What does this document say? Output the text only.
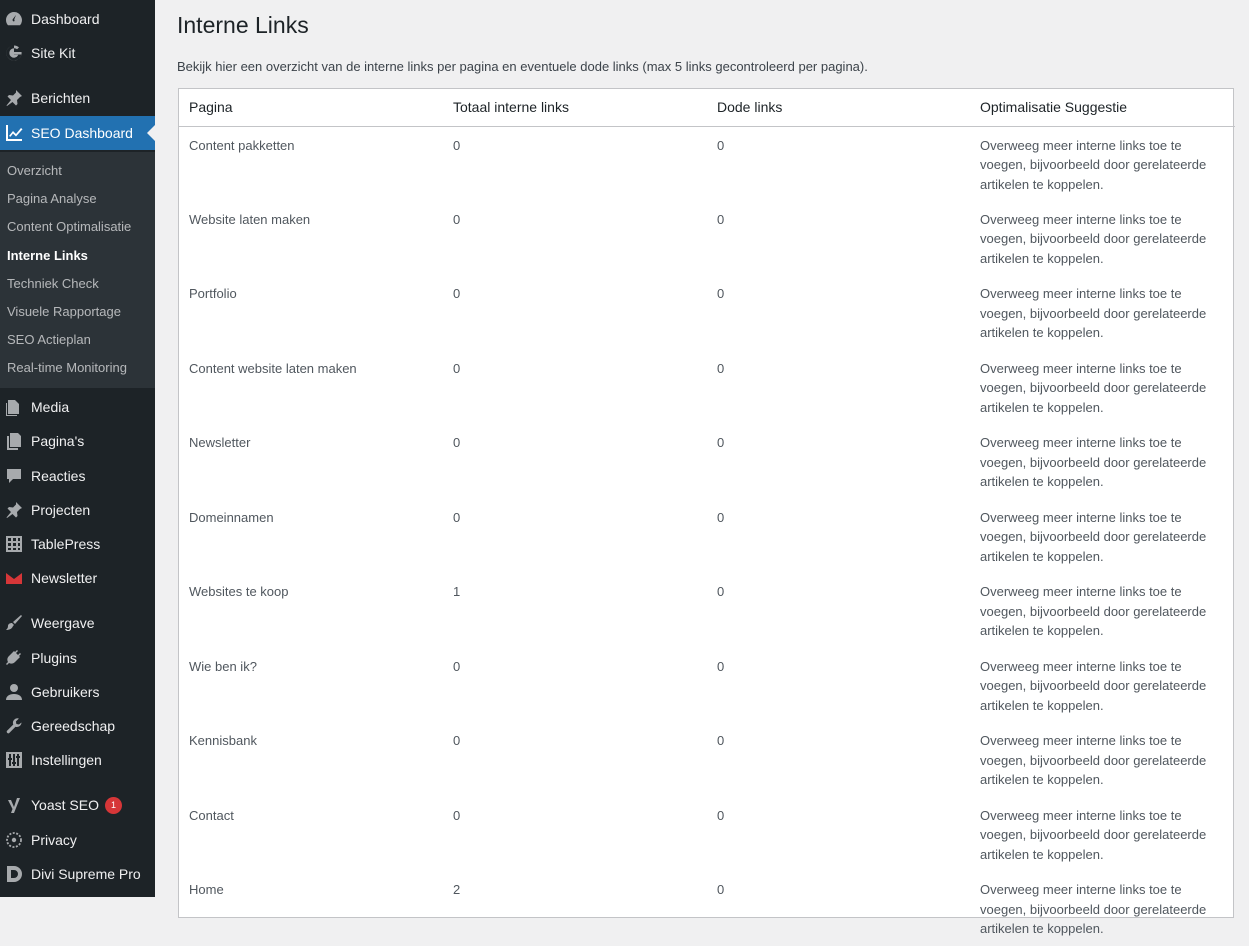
Overzicht
Pagina Analyse
Content Optimalisatie
Interne Links
Techniek Check
Visuele Rapportage
SEO Actieplan
Real-time Monitoring
Dashboard
Site Kit
Berichten
SEO Dashboard
Media
Pagina's
Reacties
Projecten
TablePress
Newsletter
Weergave
Plugins
Gebruikers
Gereedschap
Instellingen
Yoast SEO	1
Privacy
Divi Supreme Pro
Interne Links

Bekijk hier een overzicht van de interne links per pagina en eventuele dode links (max 5 links gecontroleerd per pagina).

Pagina	Totaal interne links	Dode links	Optimalisatie Suggestie
Content pakketten	0	0	Overweeg meer interne links toe te voegen, bijvoorbeeld door gerelateerde artikelen te koppelen.
Website laten maken	0	0	Overweeg meer interne links toe te voegen, bijvoorbeeld door gerelateerde artikelen te koppelen.
Portfolio	0	0	Overweeg meer interne links toe te voegen, bijvoorbeeld door gerelateerde artikelen te koppelen.
Content website laten maken	0	0	Overweeg meer interne links toe te voegen, bijvoorbeeld door gerelateerde artikelen te koppelen.
Newsletter	0	0	Overweeg meer interne links toe te voegen, bijvoorbeeld door gerelateerde artikelen te koppelen.
Domeinnamen	0	0	Overweeg meer interne links toe te voegen, bijvoorbeeld door gerelateerde artikelen te koppelen.
Websites te koop	1	0	Overweeg meer interne links toe te voegen, bijvoorbeeld door gerelateerde artikelen te koppelen.
Wie ben ik?	0	0	Overweeg meer interne links toe te voegen, bijvoorbeeld door gerelateerde artikelen te koppelen.
Kennisbank	0	0	Overweeg meer interne links toe te voegen, bijvoorbeeld door gerelateerde artikelen te koppelen.
Contact	0	0	Overweeg meer interne links toe te voegen, bijvoorbeeld door gerelateerde artikelen te koppelen.
Home	2	0	Overweeg meer interne links toe te voegen, bijvoorbeeld door gerelateerde artikelen te koppelen.
